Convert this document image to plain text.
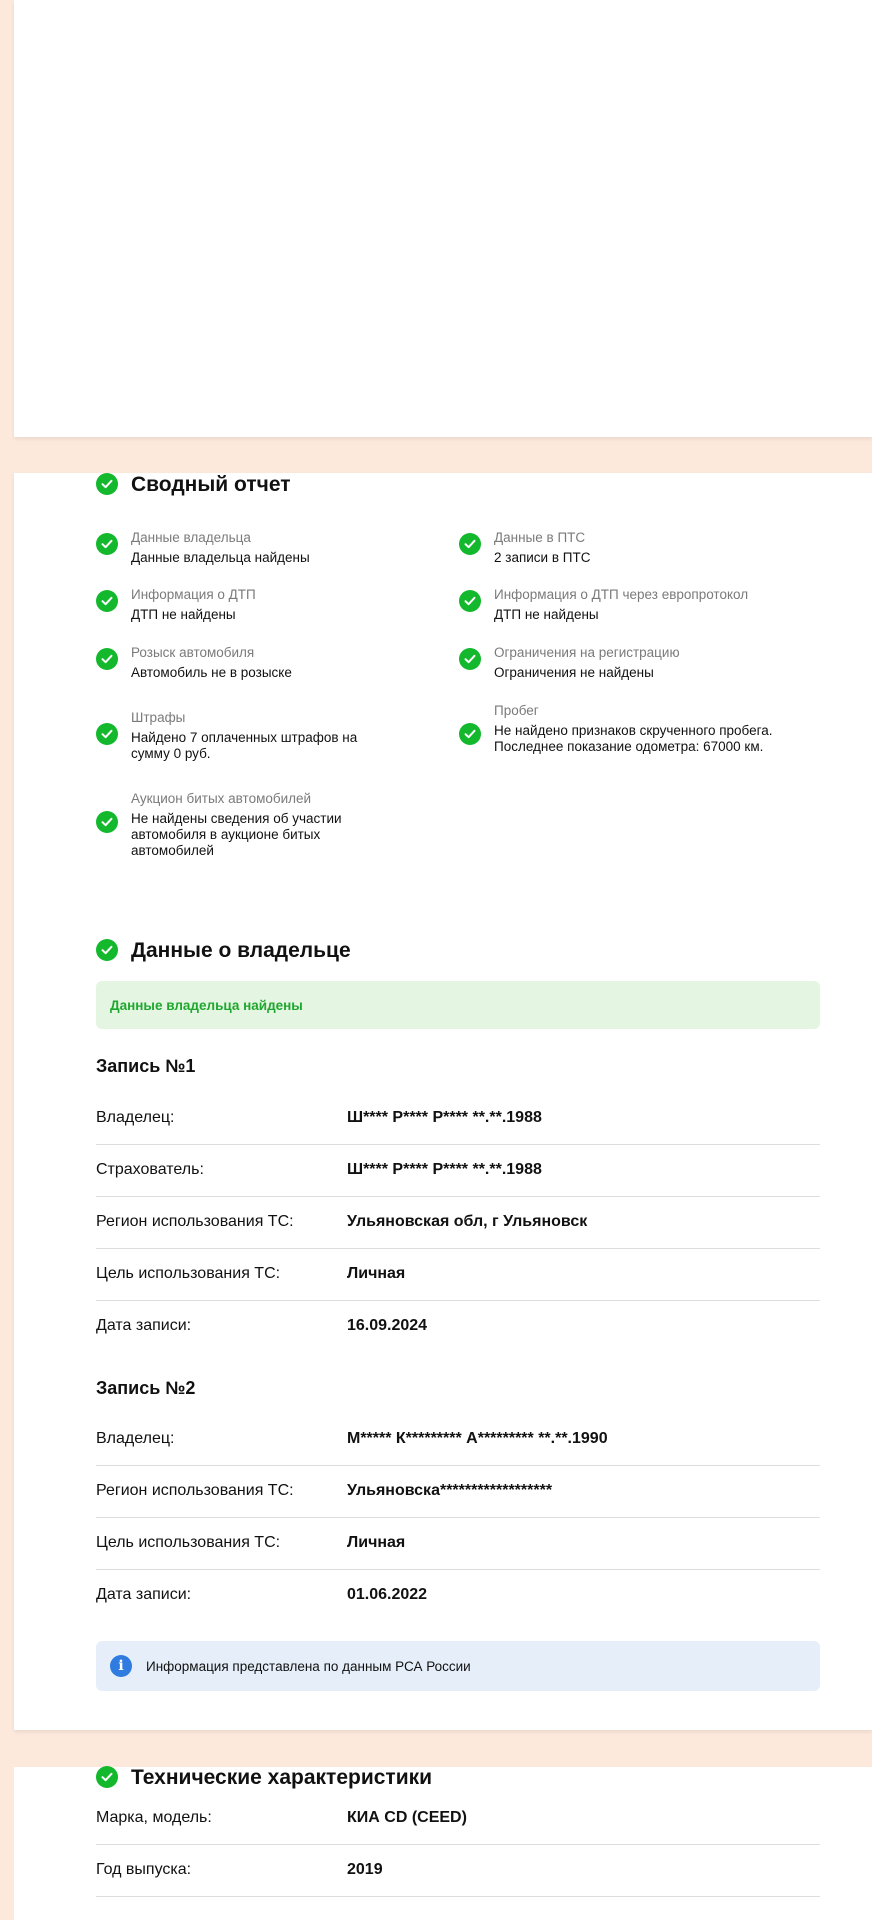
Сводный отчет
Данные владельца
Данные владельца найдены
Информация о ДТП
ДТП не найдены
Розыск автомобиля
Автомобиль не в розыске
Штрафы
Найдено 7 оплаченных штрафов на сумму 0 руб.
Аукцион битых автомобилей
Не найдены сведения об участии автомобиля в аукционе битых автомобилей
Данные в ПТС
2 записи в ПТС
Информация о ДТП через европротокол
ДТП не найдены
Ограничения на регистрацию
Ограничения не найдены
Пробег
Не найдено признаков скрученного пробега. Последнее показание одометра: 67000 км.
Данные о владельце
Данные владельца найдены
Запись №1
Владелец:	Ш**** Р**** Р**** **.**.1988
Страхователь:	Ш**** Р**** Р**** **.**.1988
Регион использования ТС:	Ульяновская обл, г Ульяновск
Цель использования ТС:	Личная
Дата записи:	16.09.2024
Запись №2
Владелец:	М***** К********* А********* **.**.1990
Регион использования ТС:	Ульяновска******************
Цель использования ТС:	Личная
Дата записи:	01.06.2022
i	Информация представлена по данным РСА России
Технические характеристики
Марка, модель:	КИА CD (CEED)
Год выпуска:	2019
